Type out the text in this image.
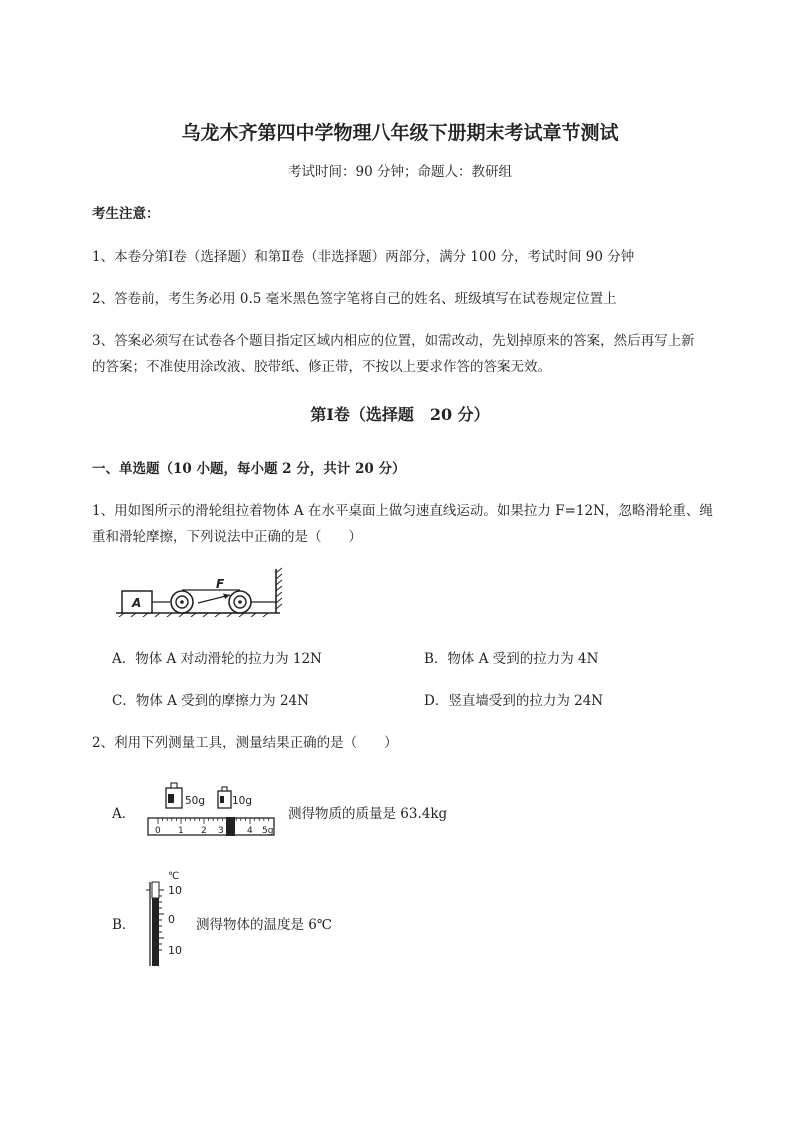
乌龙木齐第四中学物理八年级下册期末考试章节测试
考试时间：90 分钟；命题人：教研组
考生注意：
1、本卷分第Ⅰ卷（选择题）和第Ⅱ卷（非选择题）两部分，满分 100 分，考试时间 90 分钟
2、答卷前，考生务必用 0.5 毫米黑色签字笔将自己的姓名、班级填写在试卷规定位置上
3、答案必须写在试卷各个题目指定区域内相应的位置，如需改动，先划掉原来的答案，然后再写上新
的答案；不准使用涂改液、胶带纸、修正带，不按以上要求作答的答案无效。
第Ⅰ卷（选择题　20 分）
一、单选题（10 小题，每小题 2 分，共计 20 分）
1、用如图所示的滑轮组拉着物体 A 在水平桌面上做匀速直线运动。如果拉力 F=12N，忽略滑轮重、绳
重和滑轮摩擦，下列说法中正确的是（　　）
A
F
A．物体 A 对动滑轮的拉力为 12N	B．物体 A 受到的拉力为 4N
C．物体 A 受到的摩擦力为 24N	D．竖直墙受到的拉力为 24N
2、利用下列测量工具，测量结果正确的是（　　）
A．
50g	10g
0 1 2 3	4 5g
测得物质的质量是 63.4kg
B．
℃
10
0
10
测得物体的温度是 6℃
